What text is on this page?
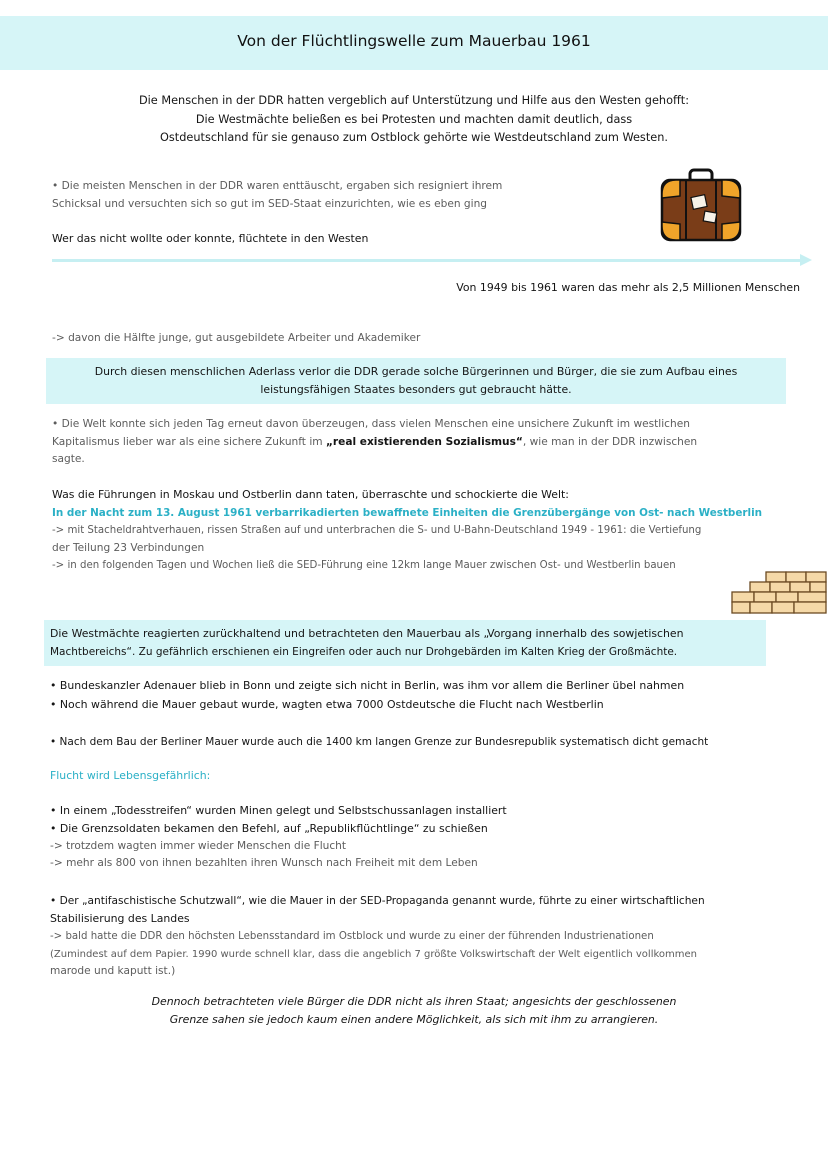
Von der Flüchtlingswelle zum Mauerbau 1961
Die Menschen in der DDR hatten vergeblich auf Unterstützung und Hilfe aus den Westen gehofft:
Die Westmächte beließen es bei Protesten und machten damit deutlich, dass
Ostdeutschland für sie genauso zum Ostblock gehörte wie Westdeutschland zum Westen.
• Die meisten Menschen in der DDR waren enttäuscht, ergaben sich resigniert ihrem
Schicksal und versuchten sich so gut im SED-Staat einzurichten, wie es eben ging
Wer das nicht wollte oder konnte, flüchtete in den Westen
Von 1949 bis 1961 waren das mehr als 2,5 Millionen Menschen
-> davon die Hälfte junge, gut ausgebildete Arbeiter und Akademiker
Durch diesen menschlichen Aderlass verlor die DDR gerade solche Bürgerinnen und Bürger, die sie zum Aufbau eines
leistungsfähigen Staates besonders gut gebraucht hätte.
• Die Welt konnte sich jeden Tag erneut davon überzeugen, dass vielen Menschen eine unsichere Zukunft im westlichen
Kapitalismus lieber war als eine sichere Zukunft im „real existierenden Sozialismus“, wie man in der DDR inzwischen
sagte.
Was die Führungen in Moskau und Ostberlin dann taten, überraschte und schockierte die Welt:
In der Nacht zum 13. August 1961 verbarrikadierten bewaffnete Einheiten die Grenzübergänge von Ost- nach Westberlin
-> mit Stacheldrahtverhauen, rissen Straßen auf und unterbrachen die S- und U-Bahn-Deutschland 1949 - 1961: die Vertiefung
der Teilung 23 Verbindungen
-> in den folgenden Tagen und Wochen ließ die SED-Führung eine 12km lange Mauer zwischen Ost- und Westberlin bauen
Die Westmächte reagierten zurückhaltend und betrachteten den Mauerbau als „Vorgang innerhalb des sowjetischen
Machtbereichs“. Zu gefährlich erschienen ein Eingreifen oder auch nur Drohgebärden im Kalten Krieg der Großmächte.
• Bundeskanzler Adenauer blieb in Bonn und zeigte sich nicht in Berlin, was ihm vor allem die Berliner übel nahmen
• Noch während die Mauer gebaut wurde, wagten etwa 7000 Ostdeutsche die Flucht nach Westberlin
• Nach dem Bau der Berliner Mauer wurde auch die 1400 km langen Grenze zur Bundesrepublik systematisch dicht gemacht
Flucht wird Lebensgefährlich:
• In einem „Todesstreifen“ wurden Minen gelegt und Selbstschussanlagen installiert
• Die Grenzsoldaten bekamen den Befehl, auf „Republikflüchtlinge“ zu schießen
-> trotzdem wagten immer wieder Menschen die Flucht
-> mehr als 800 von ihnen bezahlten ihren Wunsch nach Freiheit mit dem Leben
• Der „antifaschistische Schutzwall“, wie die Mauer in der SED-Propaganda genannt wurde, führte zu einer wirtschaftlichen
Stabilisierung des Landes
-> bald hatte die DDR den höchsten Lebensstandard im Ostblock und wurde zu einer der führenden Industrienationen
(Zumindest auf dem Papier. 1990 wurde schnell klar, dass die angeblich 7 größte Volkswirtschaft der Welt eigentlich vollkommen
marode und kaputt ist.)
Dennoch betrachteten viele Bürger die DDR nicht als ihren Staat; angesichts der geschlossenen
Grenze sahen sie jedoch kaum einen andere Möglichkeit, als sich mit ihm zu arrangieren.
